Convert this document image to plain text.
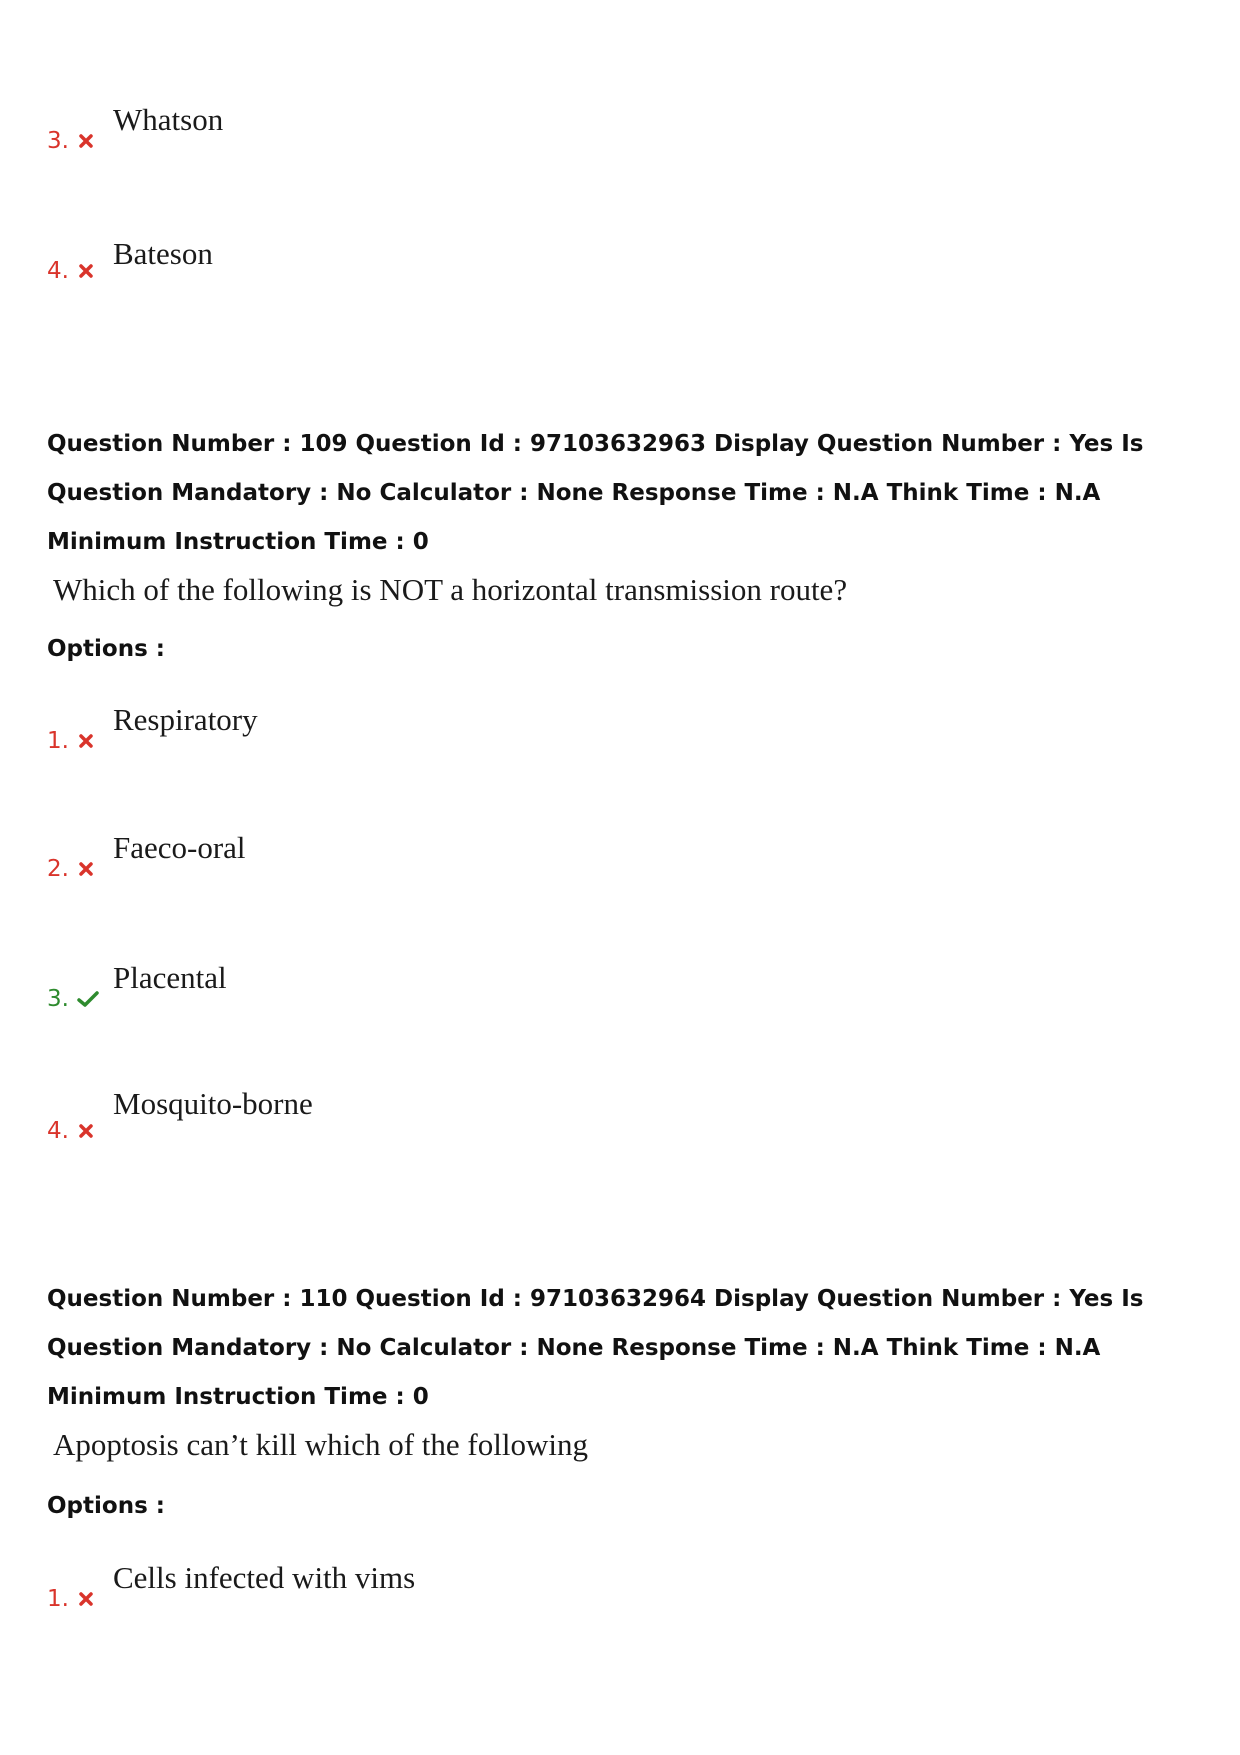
3.
Whatson
4. Bateson

Question Number : 109 Question Id : 97103632963 Display Question Number : Yes Is Question Mandatory : No Calculator : None Response Time : N.A Think Time : N.A Minimum Instruction Time : 0

Which of the following is NOT a horizontal transmission route?
Options :
1.
Respiratory
2.
Faeco-oral
3.
Placental
4.
Mosquito-borne

Question Number : 110 Question Id : 97103632964 Display Question Number : Yes Is Question Mandatory : No Calculator : None Response Time : N.A Think Time : N.A Minimum Instruction Time : 0

Apoptosis can’t kill which of the following
Options :
1.
Cells infected with vims
